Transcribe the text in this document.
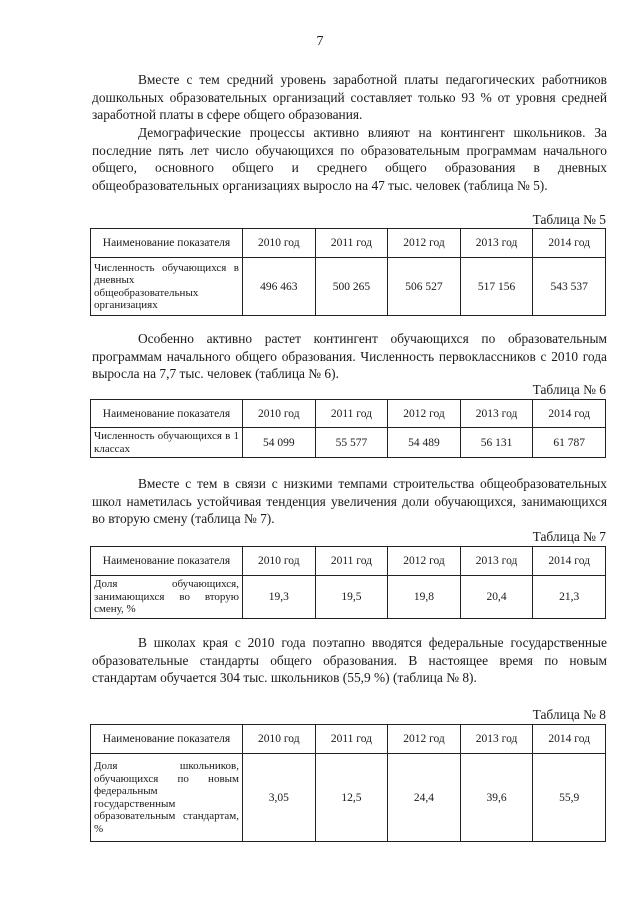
7

Вместе с тем средний уровень заработной платы педагогических работников дошкольных образовательных организаций составляет только 93 % от уровня средней заработной платы в сфере общего образования.

Демографические процессы активно влияют на контингент школьников. За последние пять лет число обучающихся по образовательным программам начального общего, основного общего и среднего общего образования в дневных общеобразовательных организациях выросло на 47 тыс. человек (таблица № 5).

Таблица № 5
Наименование показателя	2010 год	2011 год	2012 год	2013 год	2014 год
Численность обучающихся в дневных общеобразовательных организациях	496 463	500 265	506 527	517 156	543 537

Особенно активно растет контингент обучающихся по образовательным программам начального общего образования. Численность первоклассников с 2010 года выросла на 7,7 тыс. человек (таблица № 6).

Таблица № 6
Наименование показателя	2010 год	2011 год	2012 год	2013 год	2014 год
Численность обучающихся в 1 классах	54 099	55 577	54 489	56 131	61 787

Вместе с тем в связи с низкими темпами строительства общеобразовательных школ наметилась устойчивая тенденция увеличения доли обучающихся, занимающихся во вторую смену (таблица № 7).

Таблица № 7
Наименование показателя	2010 год	2011 год	2012 год	2013 год	2014 год
Доля обучающихся, занимающихся во вторую смену, %	19,3	19,5	19,8	20,4	21,3

В школах края с 2010 года поэтапно вводятся федеральные государственные образовательные стандарты общего образования. В настоящее время по новым стандартам обучается 304 тыс. школьников (55,9 %) (таблица № 8).

Таблица № 8
Наименование показателя	2010 год	2011 год	2012 год	2013 год	2014 год
Доля школьников, обучающихся по новым федеральным государственным образовательным стандартам, %	3,05	12,5	24,4	39,6	55,9
